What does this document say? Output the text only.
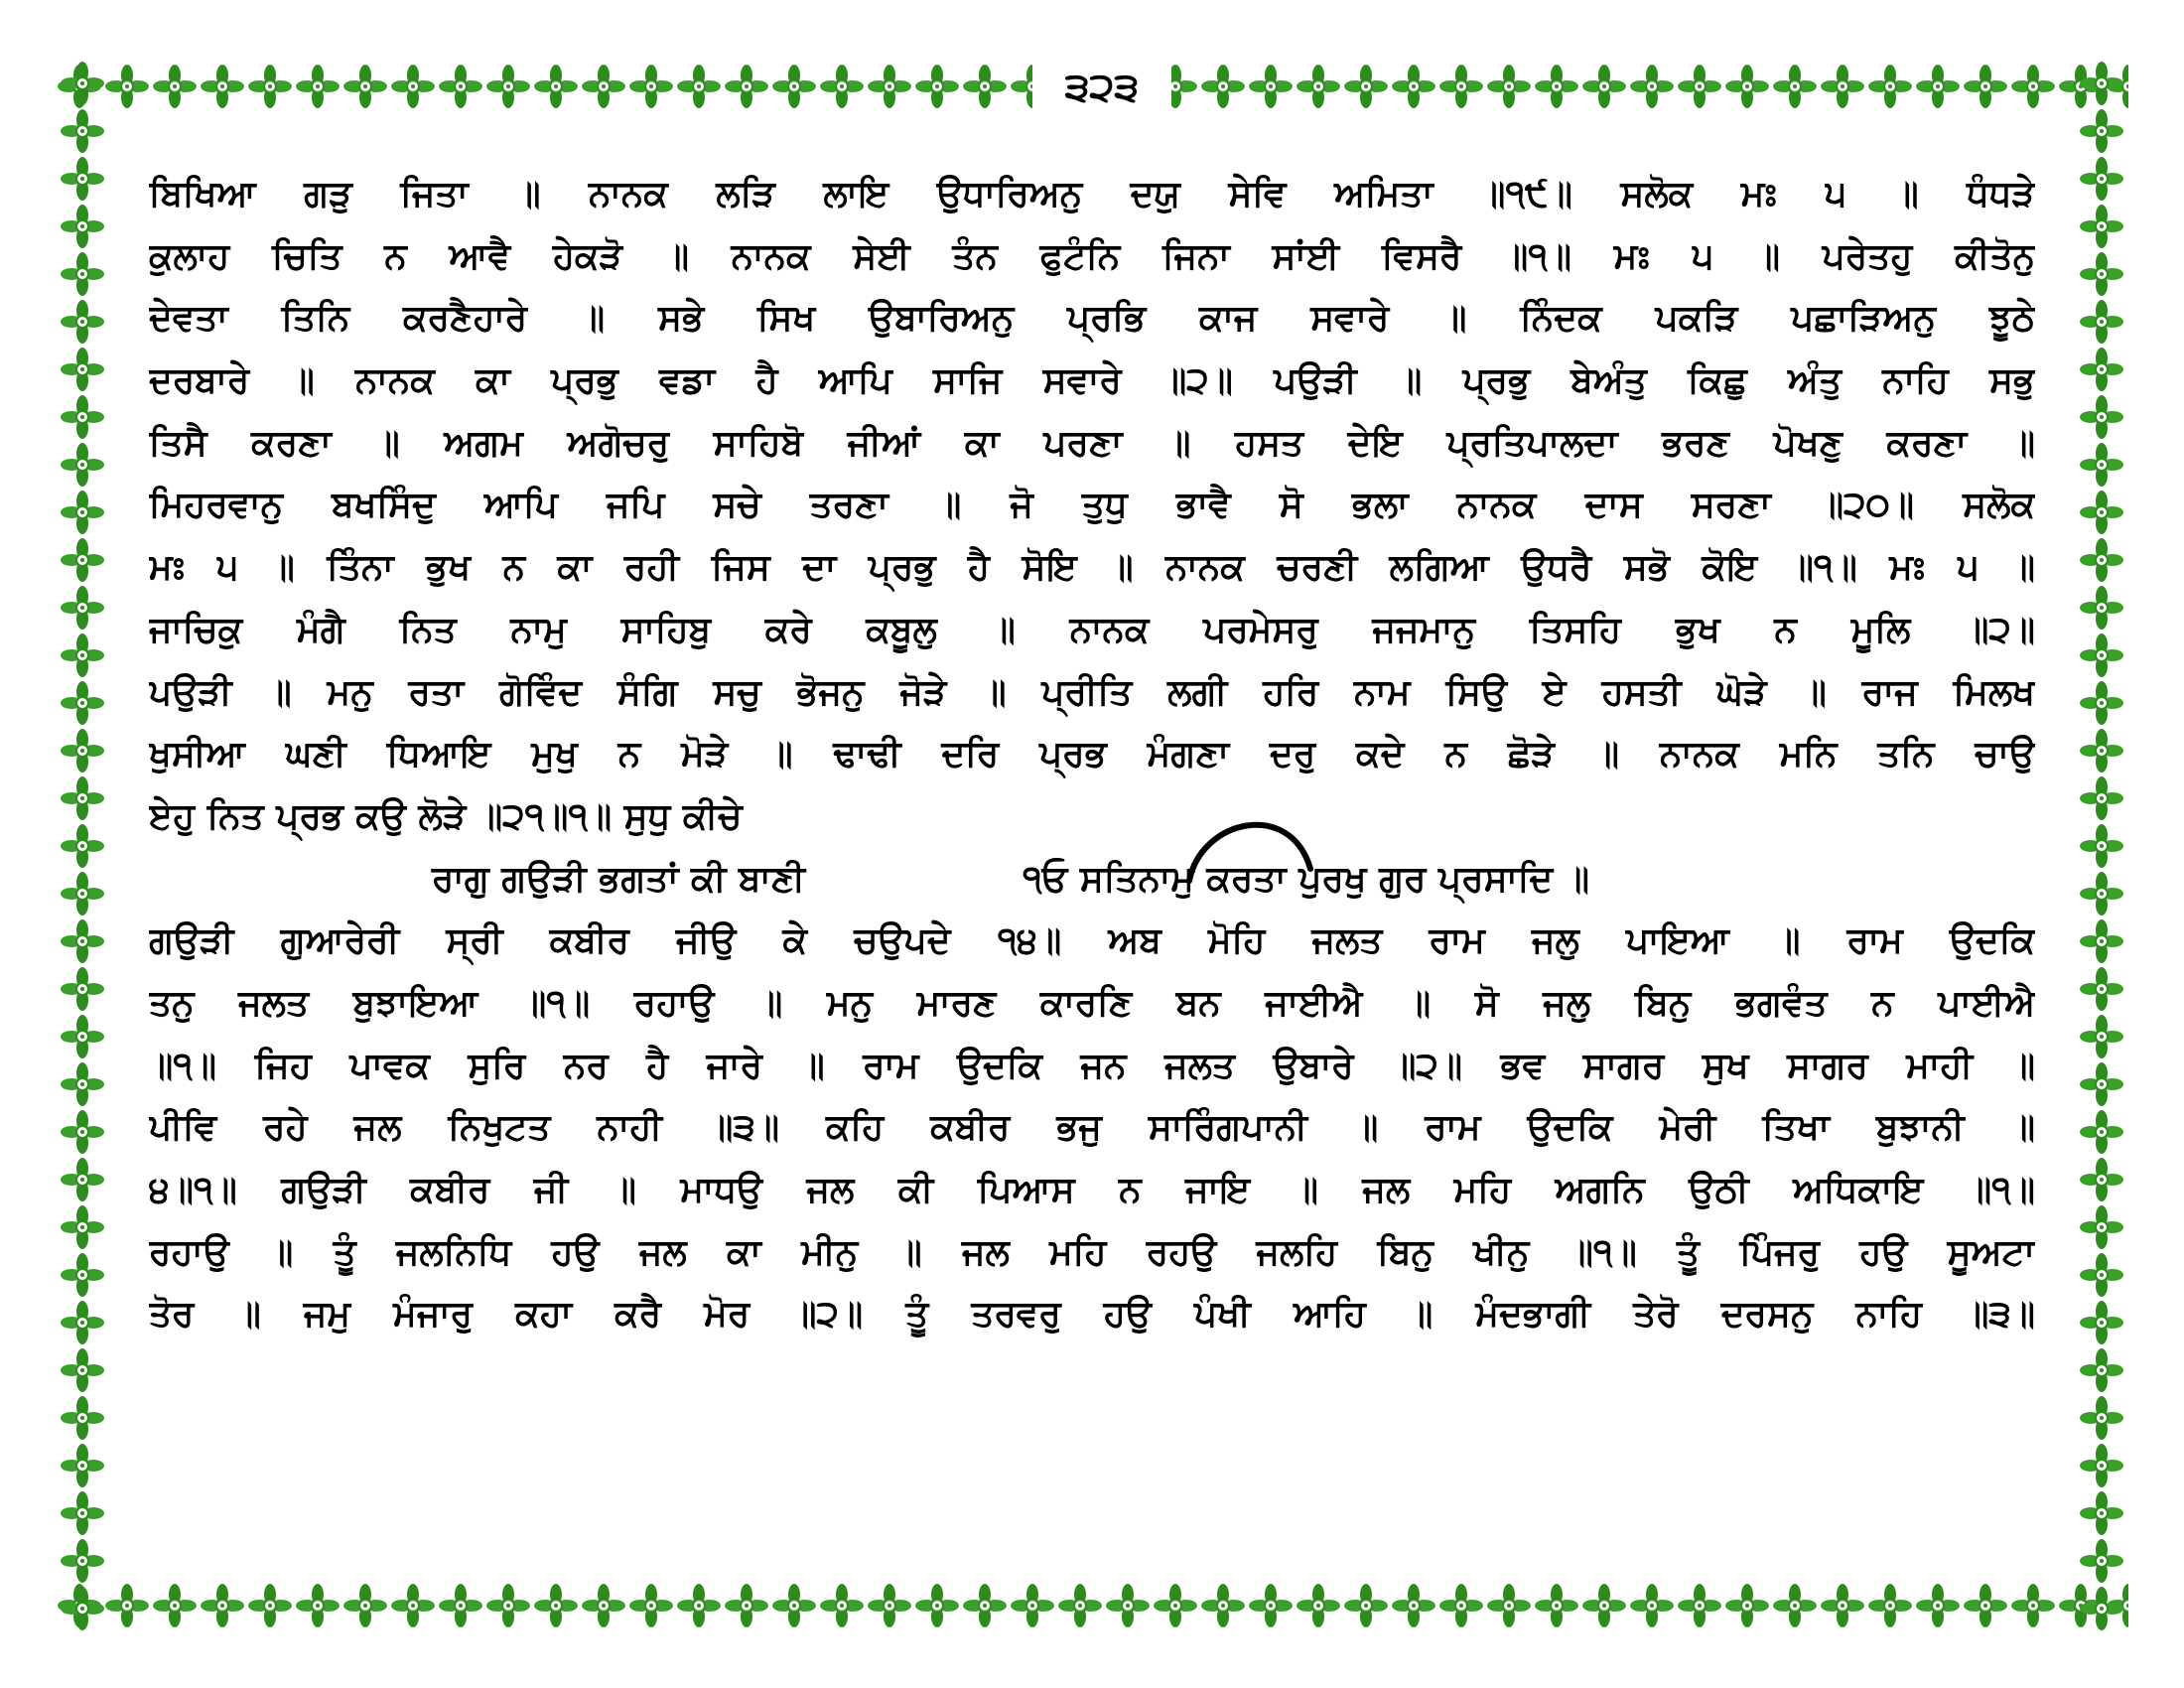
੩੨੩
ਬਿਖਿਆ ਗੜੁ ਜਿਤਾ ॥ ਨਾਨਕ ਲੜਿ ਲਾਇ ਉਧਾਰਿਅਨੁ ਦਯੁ ਸੇਵਿ ਅਮਿਤਾ ॥੧੯॥ ਸਲੋਕ ਮਃ ੫ ॥ ਧੰਧੜੇ
ਕੁਲਾਹ ਚਿਤਿ ਨ ਆਵੈ ਹੇਕੜੋ ॥ ਨਾਨਕ ਸੇਈ ਤੰਨ ਫੁਟੰਨਿ ਜਿਨਾ ਸਾਂਈ ਵਿਸਰੈ ॥੧॥ ਮਃ ੫ ॥ ਪਰੇਤਹੁ ਕੀਤੋਨੁ
ਦੇਵਤਾ ਤਿਨਿ ਕਰਣੈਹਾਰੇ ॥ ਸਭੇ ਸਿਖ ਉਬਾਰਿਅਨੁ ਪ੍ਰਭਿ ਕਾਜ ਸਵਾਰੇ ॥ ਨਿੰਦਕ ਪਕੜਿ ਪਛਾੜਿਅਨੁ ਝੂਠੇ
ਦਰਬਾਰੇ ॥ ਨਾਨਕ ਕਾ ਪ੍ਰਭੁ ਵਡਾ ਹੈ ਆਪਿ ਸਾਜਿ ਸਵਾਰੇ ॥੨॥ ਪਉੜੀ ॥ ਪ੍ਰਭੁ ਬੇਅੰਤੁ ਕਿਛੁ ਅੰਤੁ ਨਾਹਿ ਸਭੁ
ਤਿਸੈ ਕਰਣਾ ॥ ਅਗਮ ਅਗੋਚਰੁ ਸਾਹਿਬੋ ਜੀਆਂ ਕਾ ਪਰਣਾ ॥ ਹਸਤ ਦੇਇ ਪ੍ਰਤਿਪਾਲਦਾ ਭਰਣ ਪੋਖਣੁ ਕਰਣਾ ॥
ਮਿਹਰਵਾਨੁ ਬਖਸਿੰਦੁ ਆਪਿ ਜਪਿ ਸਚੇ ਤਰਣਾ ॥ ਜੋ ਤੁਧੁ ਭਾਵੈ ਸੋ ਭਲਾ ਨਾਨਕ ਦਾਸ ਸਰਣਾ ॥੨੦॥ ਸਲੋਕ
ਮਃ ੫ ॥ ਤਿੰਨਾ ਭੁਖ ਨ ਕਾ ਰਹੀ ਜਿਸ ਦਾ ਪ੍ਰਭੁ ਹੈ ਸੋਇ ॥ ਨਾਨਕ ਚਰਣੀ ਲਗਿਆ ਉਧਰੈ ਸਭੋ ਕੋਇ ॥੧॥ ਮਃ ੫ ॥
ਜਾਚਿਕੁ ਮੰਗੈ ਨਿਤ ਨਾਮੁ ਸਾਹਿਬੁ ਕਰੇ ਕਬੂਲੁ ॥ ਨਾਨਕ ਪਰਮੇਸਰੁ ਜਜਮਾਨੁ ਤਿਸਹਿ ਭੁਖ ਨ ਮੂਲਿ ॥੨॥
ਪਉੜੀ ॥ ਮਨੁ ਰਤਾ ਗੋਵਿੰਦ ਸੰਗਿ ਸਚੁ ਭੋਜਨੁ ਜੋੜੇ ॥ ਪ੍ਰੀਤਿ ਲਗੀ ਹਰਿ ਨਾਮ ਸਿਉ ਏ ਹਸਤੀ ਘੋੜੇ ॥ ਰਾਜ ਮਿਲਖ
ਖੁਸੀਆ ਘਣੀ ਧਿਆਇ ਮੁਖੁ ਨ ਮੋੜੇ ॥ ਢਾਢੀ ਦਰਿ ਪ੍ਰਭ ਮੰਗਣਾ ਦਰੁ ਕਦੇ ਨ ਛੋੜੇ ॥ ਨਾਨਕ ਮਨਿ ਤਨਿ ਚਾਉ
ਏਹੁ ਨਿਤ ਪ੍ਰਭ ਕਉ ਲੋੜੇ ॥੨੧॥੧॥ ਸੁਧੁ ਕੀਚੇ
ਰਾਗੁ ਗਉੜੀ ਭਗਤਾਂ ਕੀ ਬਾਣੀ	੧ਓ ਸਤਿਨਾਮੁ ਕਰਤਾ ਪੁਰਖੁ ਗੁਰ ਪ੍ਰਸਾਦਿ ॥
ਗਉੜੀ ਗੁਆਰੇਰੀ ਸ੍ਰੀ ਕਬੀਰ ਜੀਉ ਕੇ ਚਉਪਦੇ ੧੪॥ ਅਬ ਮੋਹਿ ਜਲਤ ਰਾਮ ਜਲੁ ਪਾਇਆ ॥ ਰਾਮ ਉਦਕਿ
ਤਨੁ ਜਲਤ ਬੁਝਾਇਆ ॥੧॥ ਰਹਾਉ ॥ ਮਨੁ ਮਾਰਣ ਕਾਰਣਿ ਬਨ ਜਾਈਐ ॥ ਸੋ ਜਲੁ ਬਿਨੁ ਭਗਵੰਤ ਨ ਪਾਈਐ
॥੧॥ ਜਿਹ ਪਾਵਕ ਸੁਰਿ ਨਰ ਹੈ ਜਾਰੇ ॥ ਰਾਮ ਉਦਕਿ ਜਨ ਜਲਤ ਉਬਾਰੇ ॥੨॥ ਭਵ ਸਾਗਰ ਸੁਖ ਸਾਗਰ ਮਾਹੀ ॥
ਪੀਵਿ ਰਹੇ ਜਲ ਨਿਖੁਟਤ ਨਾਹੀ ॥੩॥ ਕਹਿ ਕਬੀਰ ਭਜੁ ਸਾਰਿੰਗਪਾਨੀ ॥ ਰਾਮ ਉਦਕਿ ਮੇਰੀ ਤਿਖਾ ਬੁਝਾਨੀ ॥
੪॥੧॥ ਗਉੜੀ ਕਬੀਰ ਜੀ ॥ ਮਾਧਉ ਜਲ ਕੀ ਪਿਆਸ ਨ ਜਾਇ ॥ ਜਲ ਮਹਿ ਅਗਨਿ ਉਠੀ ਅਧਿਕਾਇ ॥੧॥
ਰਹਾਉ ॥ ਤੂੰ ਜਲਨਿਧਿ ਹਉ ਜਲ ਕਾ ਮੀਨੁ ॥ ਜਲ ਮਹਿ ਰਹਉ ਜਲਹਿ ਬਿਨੁ ਖੀਨੁ ॥੧॥ ਤੂੰ ਪਿੰਜਰੁ ਹਉ ਸੂਅਟਾ
ਤੋਰ ॥ ਜਮੁ ਮੰਜਾਰੁ ਕਹਾ ਕਰੈ ਮੋਰ ॥੨॥ ਤੂੰ ਤਰਵਰੁ ਹਉ ਪੰਖੀ ਆਹਿ ॥ ਮੰਦਭਾਗੀ ਤੇਰੋ ਦਰਸਨੁ ਨਾਹਿ ॥੩॥
